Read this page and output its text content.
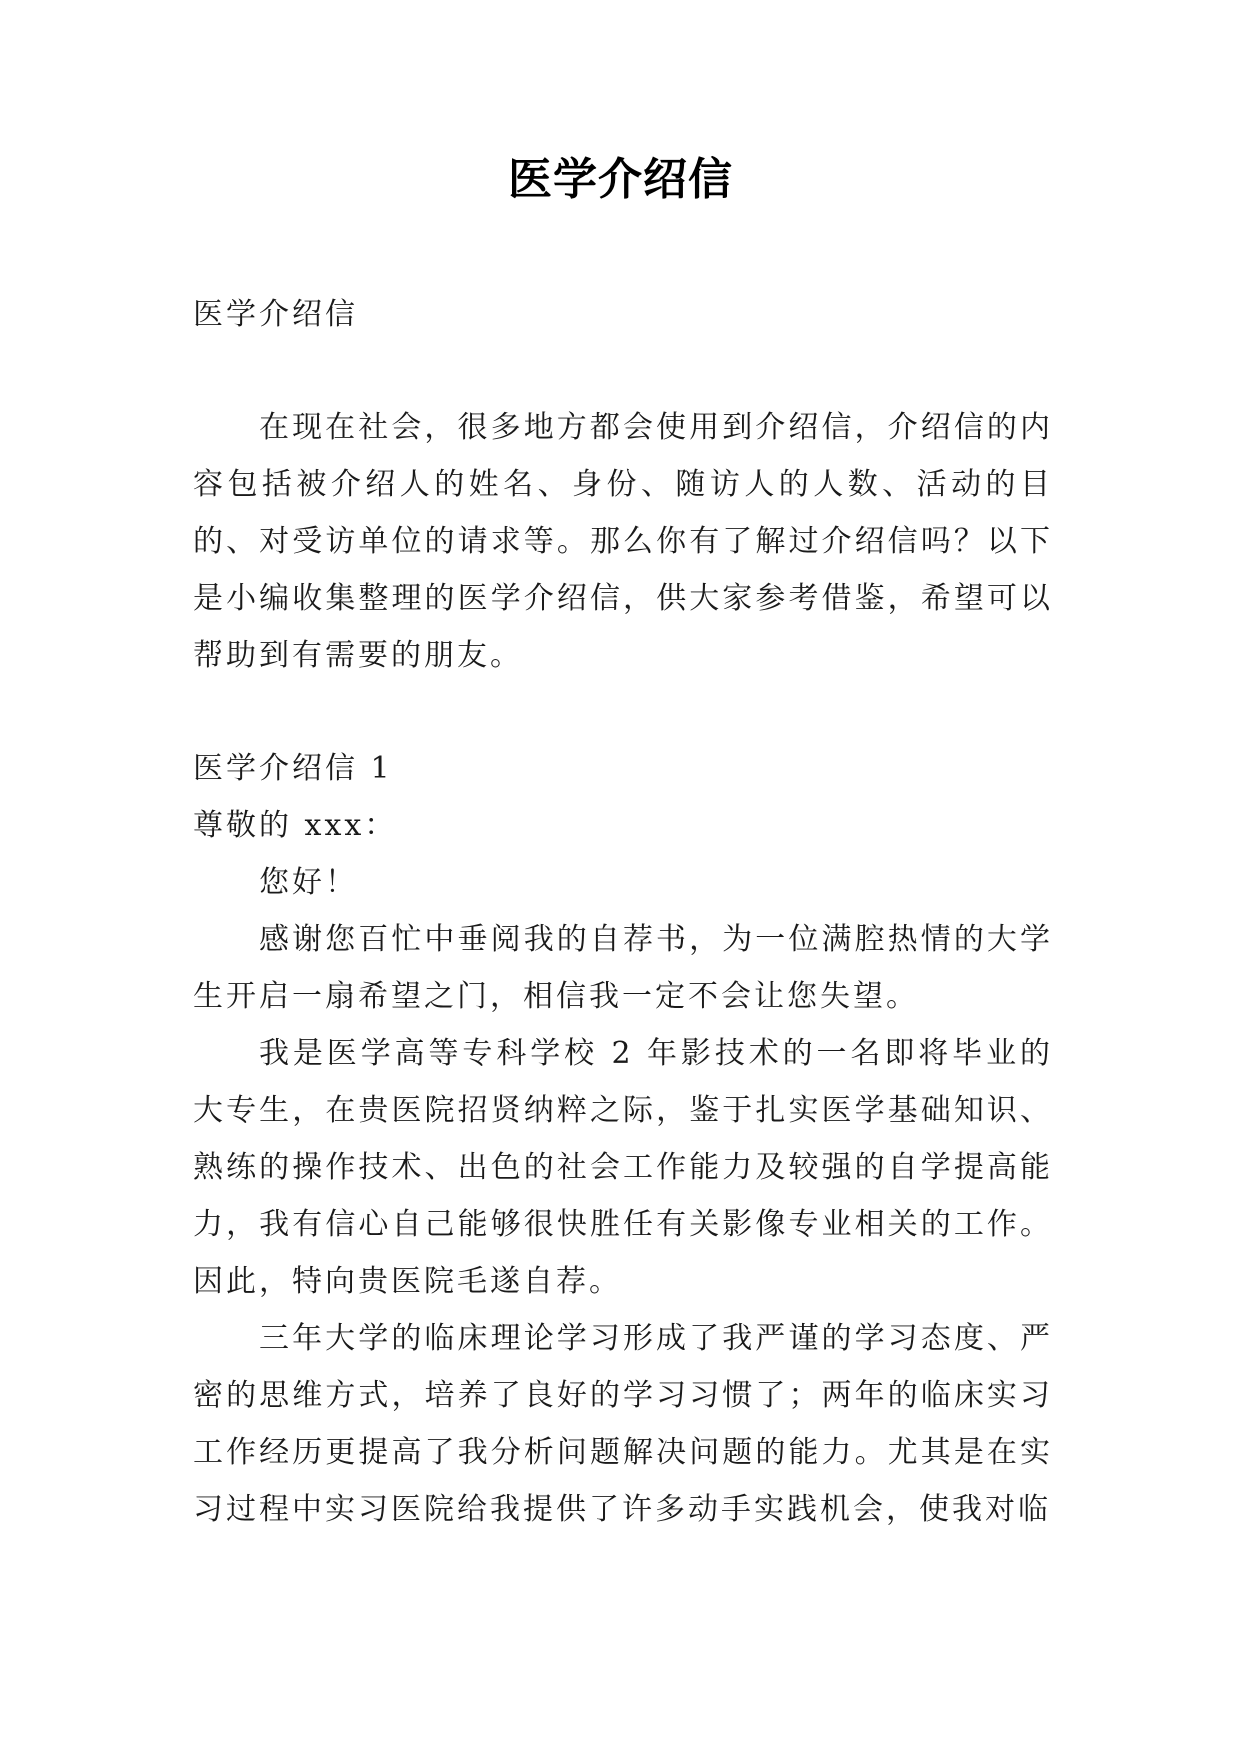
医学介绍信

医学介绍信

在现在社会，很多地方都会使用到介绍信，介绍信的内容包括被介绍人的姓名、身份、随访人的人数、活动的目的、对受访单位的请求等。那么你有了解过介绍信吗？以下是小编收集整理的医学介绍信，供大家参考借鉴，希望可以帮助到有需要的朋友。

医学介绍信 1

尊敬的 xxx：

您好！

感谢您百忙中垂阅我的自荐书，为一位满腔热情的大学生开启一扇希望之门，相信我一定不会让您失望。

我是医学高等专科学校 2 年影技术的一名即将毕业的大专生，在贵医院招贤纳粹之际，鉴于扎实医学基础知识、熟练的操作技术、出色的社会工作能力及较强的自学提高能力，我有信心自己能够很快胜任有关影像专业相关的工作。因此，特向贵医院毛遂自荐。

三年大学的临床理论学习形成了我严谨的学习态度、严密的思维方式，培养了良好的学习习惯了；两年的临床实习工作经历更提高了我分析问题解决问题的能力。尤其是在实习过程中实习医院给我提供了许多动手实践机会，使我对临
